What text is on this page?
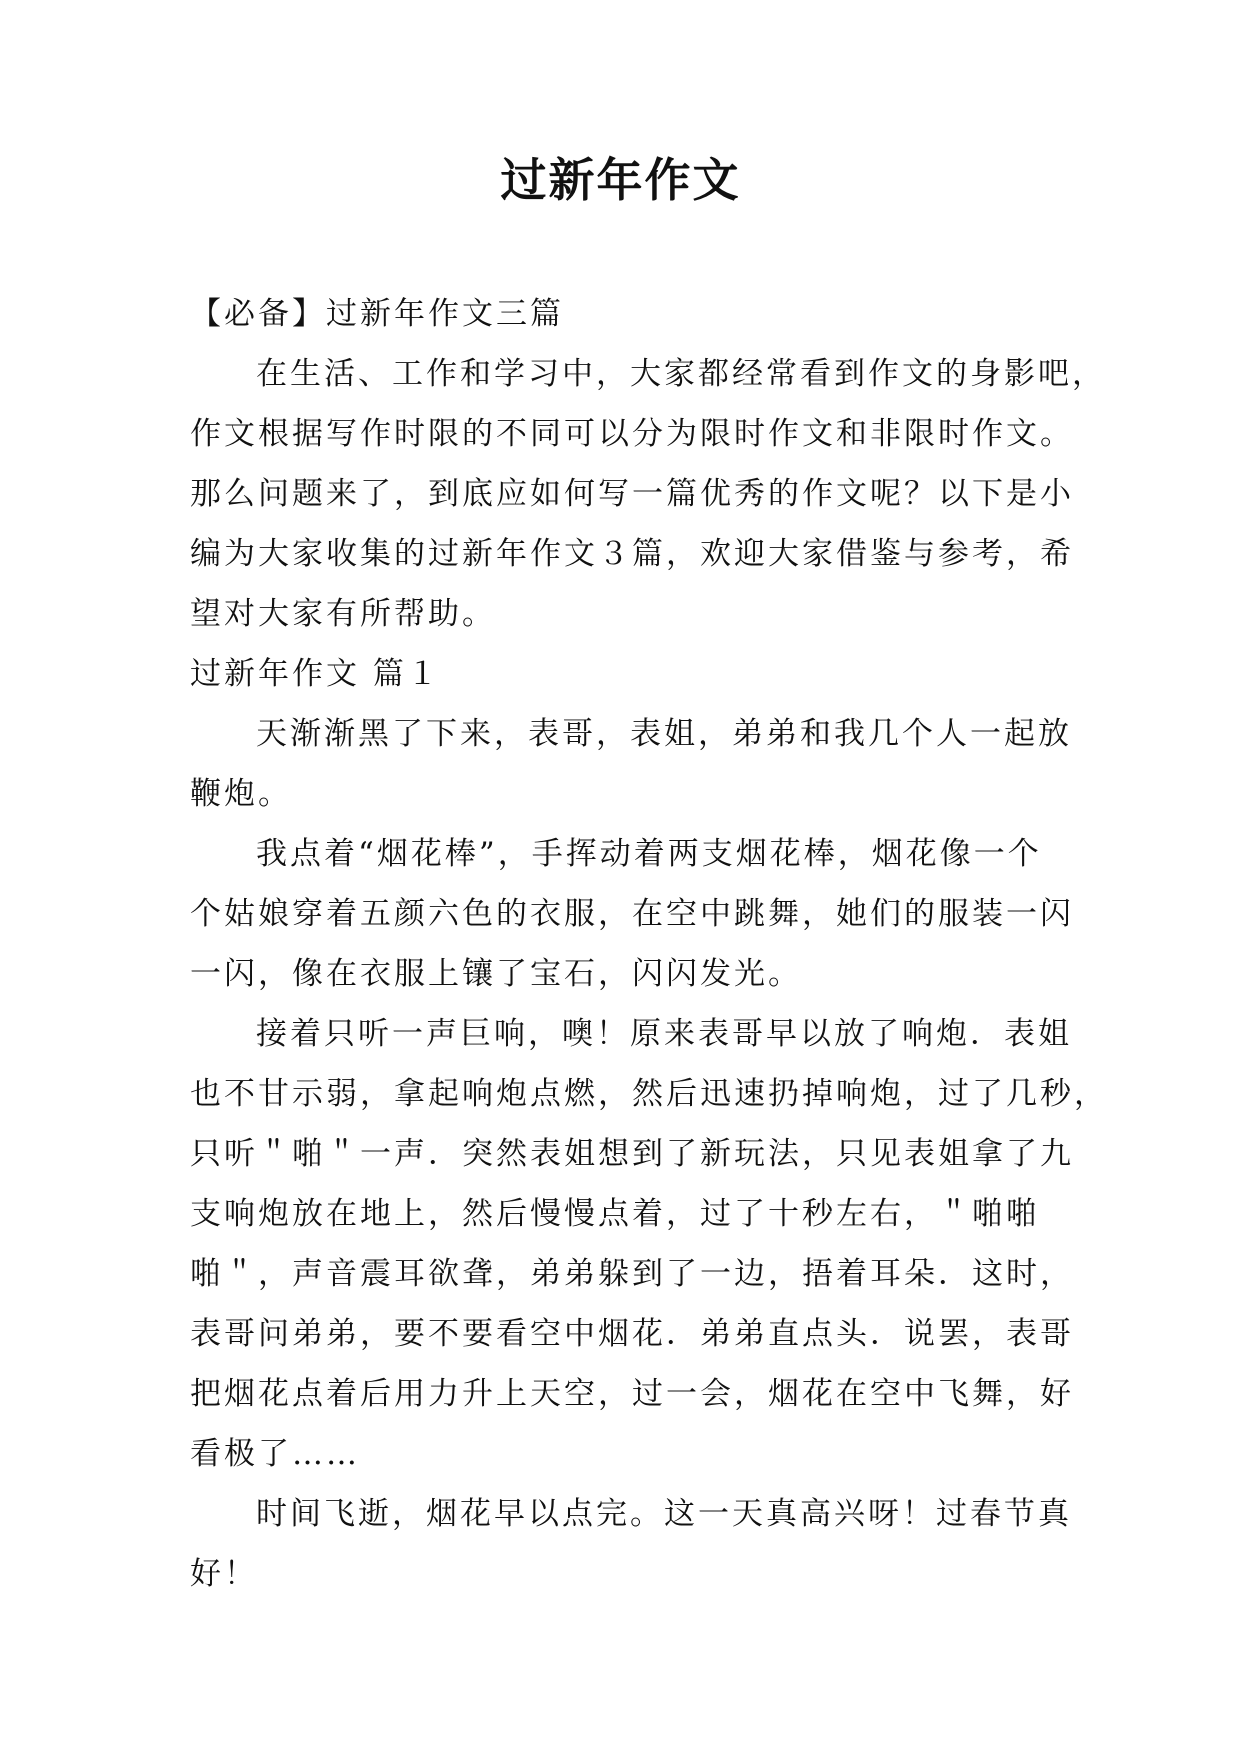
过新年作文

【必备】过新年作文三篇

在生活、工作和学习中，大家都经常看到作文的身影吧，

作文根据写作时限的不同可以分为限时作文和非限时作文。

那么问题来了，到底应如何写一篇优秀的作文呢？以下是小

编为大家收集的过新年作文３篇，欢迎大家借鉴与参考，希

望对大家有所帮助。

过新年作文 篇１

天渐渐黑了下来，表哥，表姐，弟弟和我几个人一起放

鞭炮。

我点着“烟花棒”，手挥动着两支烟花棒，烟花像一个

个姑娘穿着五颜六色的衣服，在空中跳舞，她们的服装一闪

一闪，像在衣服上镶了宝石，闪闪发光。

接着只听一声巨响，噢！原来表哥早以放了响炮．表姐

也不甘示弱，拿起响炮点燃，然后迅速扔掉响炮，过了几秒，

只听＂啪＂一声．突然表姐想到了新玩法，只见表姐拿了九

支响炮放在地上，然后慢慢点着，过了十秒左右，＂啪啪

啪＂，声音震耳欲聋，弟弟躲到了一边，捂着耳朵．这时，

表哥问弟弟，要不要看空中烟花．弟弟直点头．说罢，表哥

把烟花点着后用力升上天空，过一会，烟花在空中飞舞，好

看极了……

时间飞逝，烟花早以点完。这一天真高兴呀！过春节真

好！
